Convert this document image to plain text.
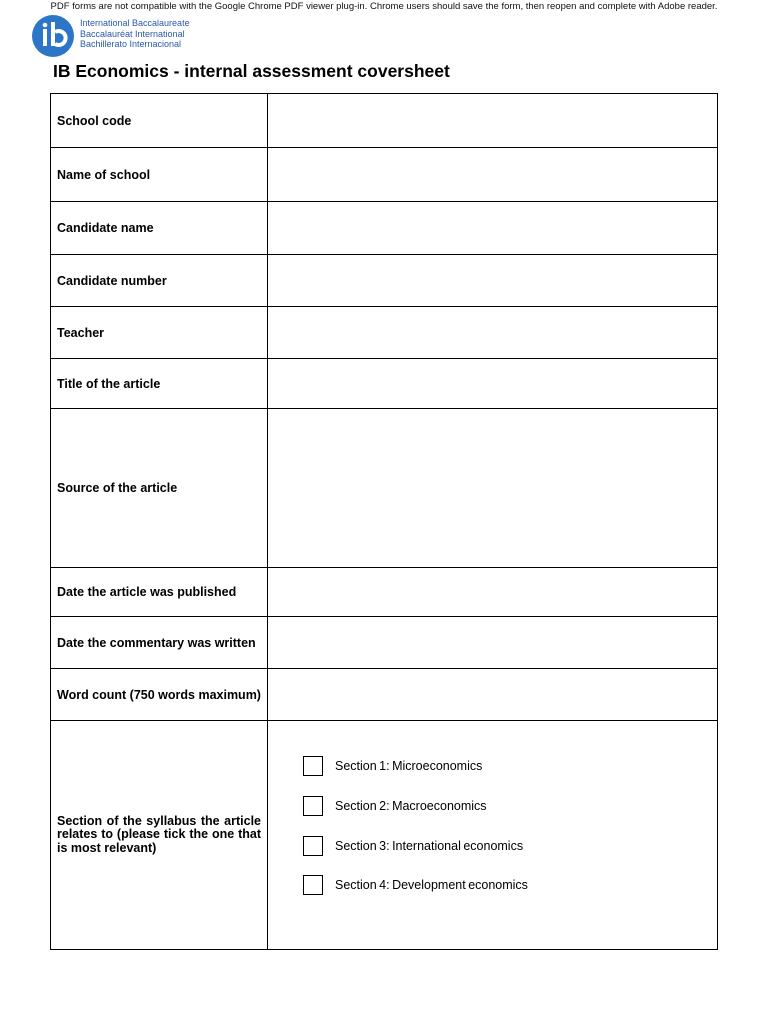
PDF forms are not compatible with the Google Chrome PDF viewer plug-in. Chrome users should save the form, then reopen and complete with Adobe reader.
International Baccalaureate
Baccalauréat International
Bachillerato Internacional
IB Economics - internal assessment coversheet
School code	

Name of school	

Candidate name	

Candidate number	

Teacher	

Title of the article	

Source of the article	

Date the article was published	

Date the commentary was written	

Word count (750 words maximum)	

Section of the syllabus the article relates to (please tick the one that is most relevant)	Section 1: Microeconomics
Section 2: Macroeconomics
Section 3: International economics
Section 4: Development economics
